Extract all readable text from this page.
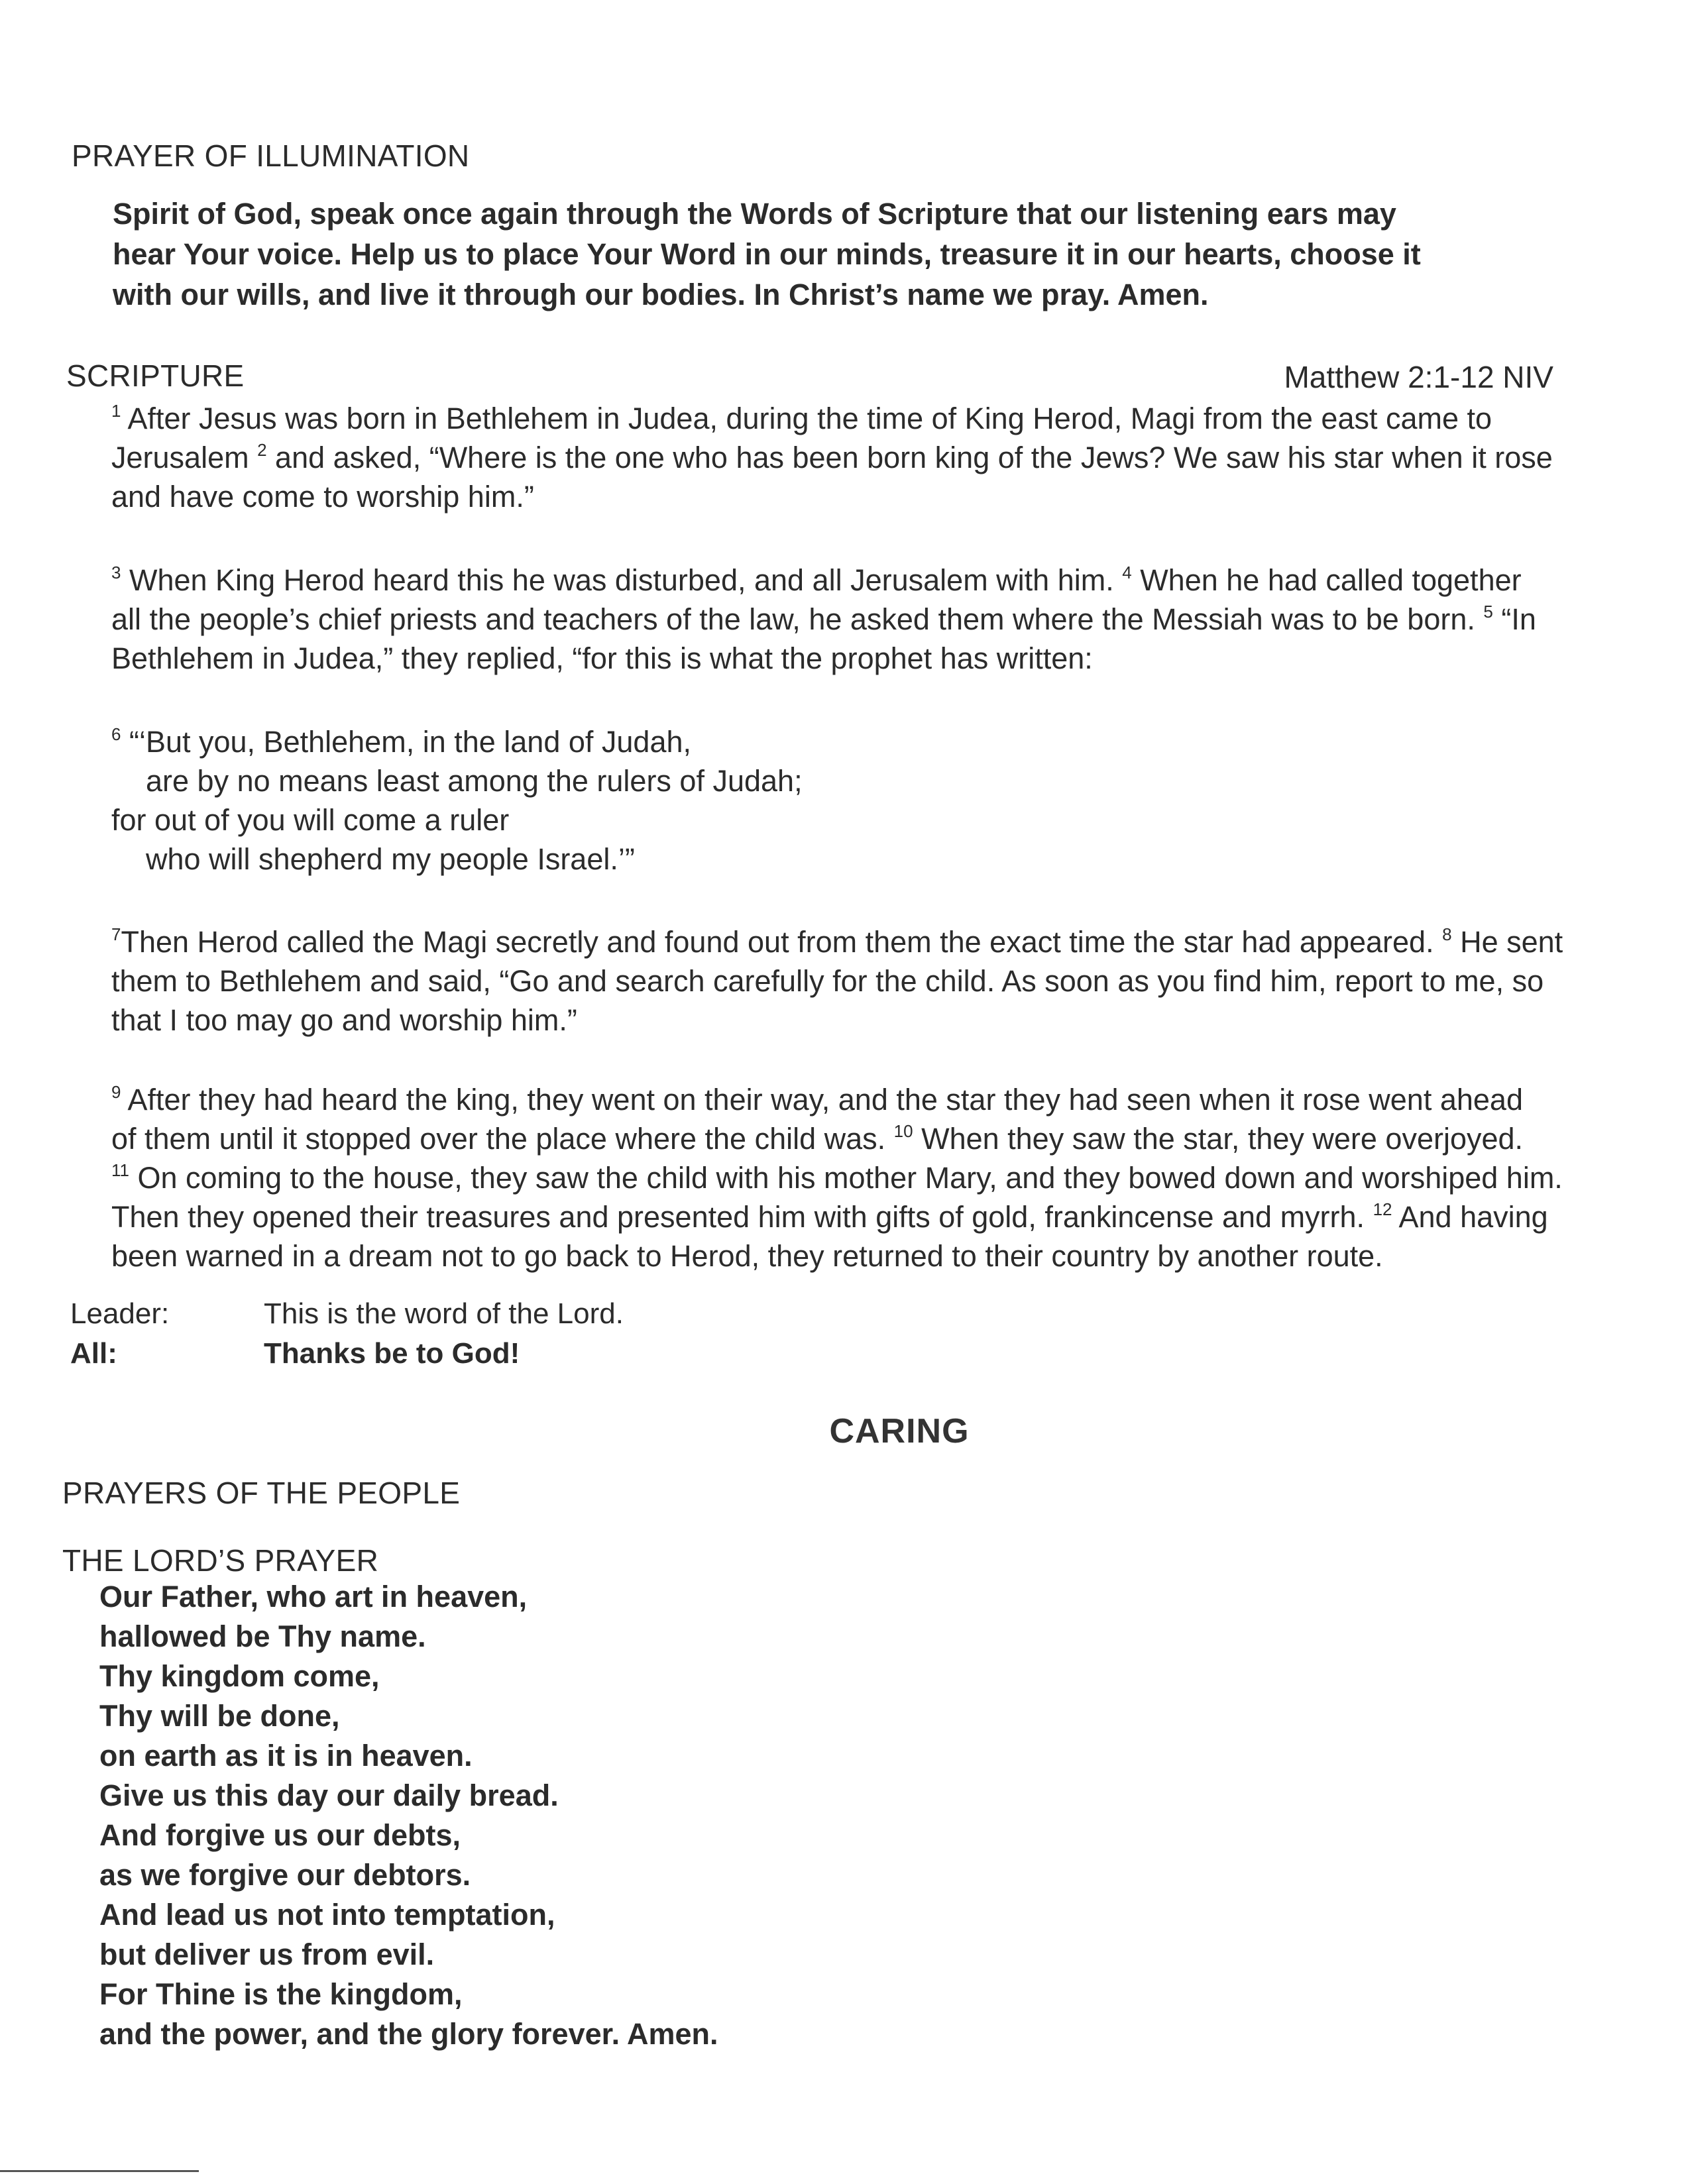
PRAYER OF ILLUMINATION

Spirit of God, speak once again through the Words of Scripture that our listening ears may

hear Your voice. Help us to place Your Word in our minds, treasure it in our hearts, choose it

with our wills, and live it through our bodies. In Christ’s name we pray. Amen.

SCRIPTURE	Matthew 2:1-12 NIV

$^1$ After Jesus was born in Bethlehem in Judea, during the time of King Herod, Magi from the east came to

Jerusalem $^2$ and asked, “Where is the one who has been born king of the Jews? We saw his star when it rose

and have come to worship him.”

$^3$ When King Herod heard this he was disturbed, and all Jerusalem with him. $^4$ When he had called together

all the people’s chief priests and teachers of the law, he asked them where the Messiah was to be born. $^5$ “In

Bethlehem in Judea,” they replied, “for this is what the prophet has written:

$^6$ “‘But you, Bethlehem, in the land of Judah,

are by no means least among the rulers of Judah;

for out of you will come a ruler

who will shepherd my people Israel.’”

$^7$Then Herod called the Magi secretly and found out from them the exact time the star had appeared. $^8$ He sent

them to Bethlehem and said, “Go and search carefully for the child. As soon as you find him, report to me, so

that I too may go and worship him.”

$^9$ After they had heard the king, they went on their way, and the star they had seen when it rose went ahead

of them until it stopped over the place where the child was. $^{10}$ When they saw the star, they were overjoyed.

$^{11}$ On coming to the house, they saw the child with his mother Mary, and they bowed down and worshiped him.

Then they opened their treasures and presented him with gifts of gold, frankincense and myrrh. $^{12}$ And having

been warned in a dream not to go back to Herod, they returned to their country by another route.

Leader:	This is the word of the Lord.
All:	Thanks be to God!
CARING
PRAYERS OF THE PEOPLE
THE LORD’S PRAYER

Our Father, who art in heaven,

hallowed be Thy name.

Thy kingdom come,

Thy will be done,

on earth as it is in heaven.

Give us this day our daily bread.

And forgive us our debts,

as we forgive our debtors.

And lead us not into temptation,

but deliver us from evil.

For Thine is the kingdom,

and the power, and the glory forever. Amen.
